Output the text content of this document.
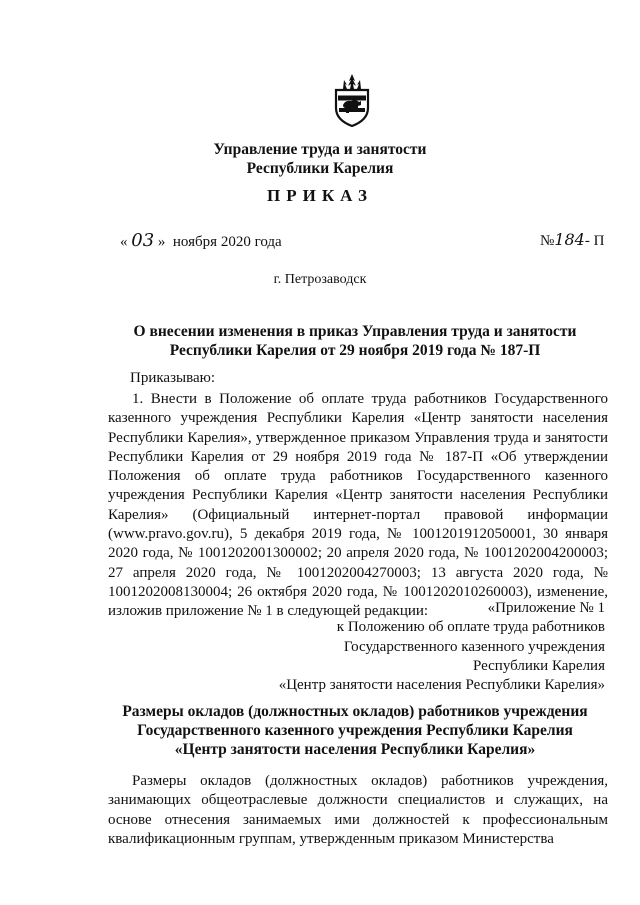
Управление труда и занятости
Республики Карелия
ПРИКАЗ
« 03 » ноября 2020 года	№184- П
г. Петрозаводск
О внесении изменения в приказ Управления труда и занятости
Республики Карелия от 29 ноября 2019 года № 187-П
Приказываю:

1. Внести в Положение об оплате труда работников Государственного казенного учреждения Республики Карелия «Центр занятости населения Республики Карелия», утвержденное приказом Управления труда и занятости Республики Карелия от 29 ноября 2019 года № 187-П «Об утверждении Положения об оплате труда работников Государственного казенного учреждения Республики Карелия «Центр занятости населения Республики Карелия» (Официальный интернет-портал правовой информации (www.pravo.gov.ru), 5 декабря 2019 года, № 1001201912050001, 30 января 2020 года, № 1001202001300002; 20 апреля 2020 года, № 1001202004200003; 27 апреля 2020 года, № 1001202004270003; 13 августа 2020 года, № 1001202008130004; 26 октября 2020 года, № 1001202010260003), изменение, изложив приложение № 1 в следующей редакции:	«Приложение № 1
к Положению об оплате труда работников
Государственного казенного учреждения
Республики Карелия
«Центр занятости населения Республики Карелия»
Размеры окладов (должностных окладов) работников учреждения
Государственного казенного учреждения Республики Карелия
«Центр занятости населения Республики Карелия»

Размеры окладов (должностных окладов) работников учреждения, занимающих общеотраслевые должности специалистов и служащих, на основе отнесения занимаемых ими должностей к профессиональным квалификационным группам, утвержденным приказом Министерства
